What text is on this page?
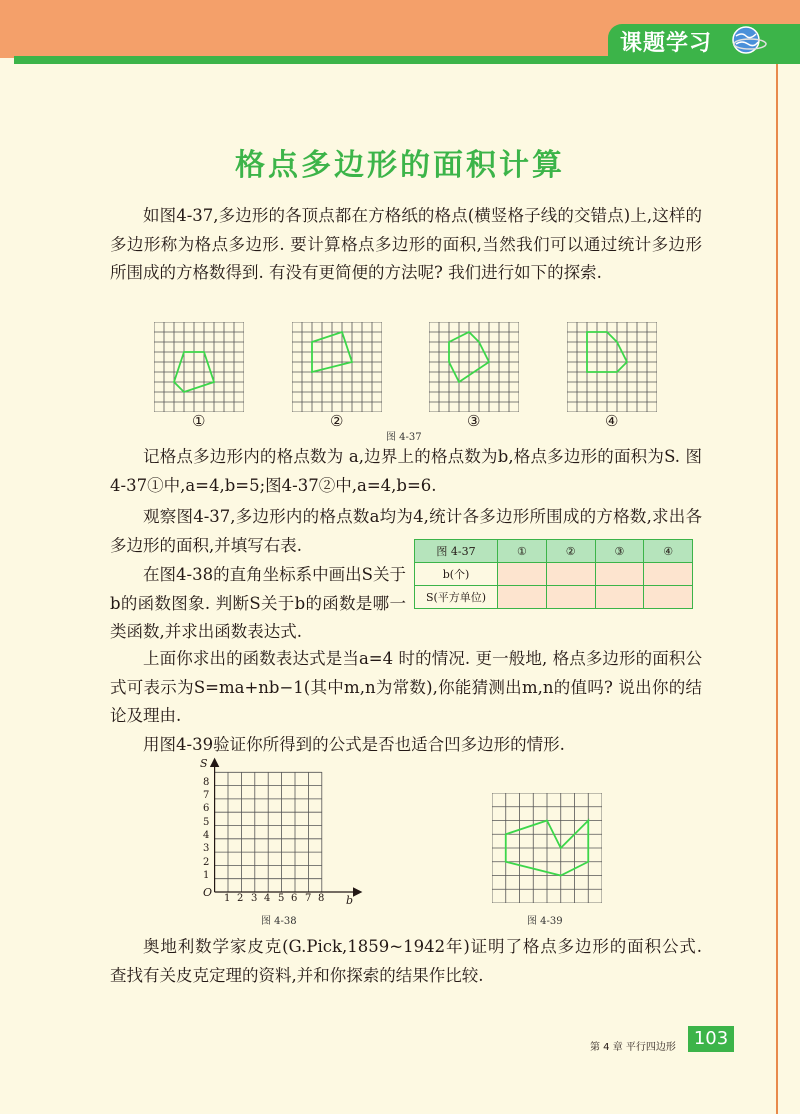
课题学习
格点多边形的面积计算

如图4-37,多边形的各顶点都在方格纸的格点(横竖格子线的交错点)上,这样的多边形称为格点多边形. 要计算格点多边形的面积,当然我们可以通过统计多边形所围成的方格数得到. 有没有更简便的方法呢? 我们进行如下的探索.

①	②	③	④
图 4-37

记格点多边形内的格点数为 a,边界上的格点数为b,格点多边形的面积为S. 图4-37①中,a=4,b=5;图4-37②中,a=4,b=6.

观察图4-37,多边形内的格点数a均为4,统计各多边形所围成的方格数,求出各多边形的面积,并填写右表.

在图4-38的直角坐标系中画出S关于b的函数图象. 判断S关于b的函数是哪一类函数,并求出函数表达式.

图 4-37	①	②	③	④
b(个)				
S(平方单位)				

上面你求出的函数表达式是当a=4 时的情况. 更一般地, 格点多边形的面积公式可表示为S=ma+nb−1(其中m,n为常数),你能猜测出m,n的值吗? 说出你的结论及理由.

用图4-39验证你所得到的公式是否也适合凹多边形的情形.

S
O
b
8
7
6
5
4
3
2
1
1 2 3 4 5 6 7 8
图 4-38	图 4-39

奥地利数学家皮克(G.Pick,1859~1942年)证明了格点多边形的面积公式. 查找有关皮克定理的资料,并和你探索的结果作比较.

第 4 章 平行四边形 103
